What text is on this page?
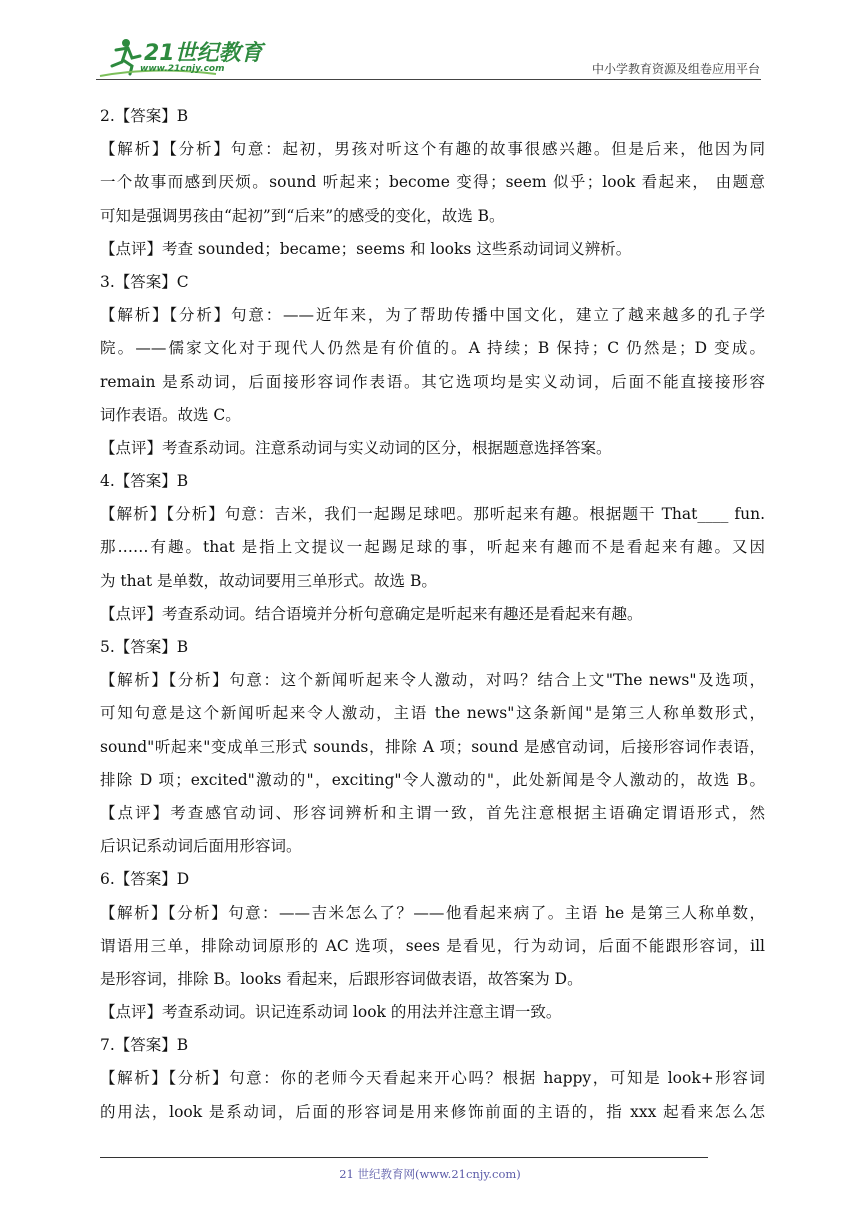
21世纪教育
www.21cnjy.com	中小学教育资源及组卷应用平台
2.【答案】B
【解析】【分析】句意：起初，男孩对听这个有趣的故事很感兴趣。但是后来，他因为同
一个故事而感到厌烦。sound 听起来；become 变得；seem 似乎；look 看起来， 由题意
可知是强调男孩由“起初”到“后来”的感受的变化，故选 B。
【点评】考查 sounded；became；seems 和 looks 这些系动词词义辨析。
3.【答案】C
【解析】【分析】句意：——近年来，为了帮助传播中国文化，建立了越来越多的孔子学
院。——儒家文化对于现代人仍然是有价值的。A 持续；B 保持；C 仍然是；D 变成。
remain 是系动词，后面接形容词作表语。其它选项均是实义动词，后面不能直接接形容
词作表语。故选 C。
【点评】考查系动词。注意系动词与实义动词的区分，根据题意选择答案。
4.【答案】B
【解析】【分析】句意：吉米，我们一起踢足球吧。那听起来有趣。根据题干 That____ fun.
那……有趣。that 是指上文提议一起踢足球的事，听起来有趣而不是看起来有趣。又因
为 that 是单数，故动词要用三单形式。故选 B。
【点评】考查系动词。结合语境并分析句意确定是听起来有趣还是看起来有趣。
5.【答案】B
【解析】【分析】句意：这个新闻听起来令人激动，对吗？结合上文"The news"及选项，
可知句意是这个新闻听起来令人激动，主语 the news"这条新闻"是第三人称单数形式，
sound"听起来"变成单三形式 sounds，排除 A 项；sound 是感官动词，后接形容词作表语，
排除 D 项；excited"激动的"，exciting"令人激动的"，此处新闻是令人激动的，故选 B。
【点评】考查感官动词、形容词辨析和主谓一致，首先注意根据主语确定谓语形式，然
后识记系动词后面用形容词。
6.【答案】D
【解析】【分析】句意：——吉米怎么了？——他看起来病了。主语 he 是第三人称单数，
谓语用三单，排除动词原形的 AC 选项，sees 是看见，行为动词，后面不能跟形容词，ill
是形容词，排除 B。looks 看起来，后跟形容词做表语，故答案为 D。
【点评】考查系动词。识记连系动词 look 的用法并注意主谓一致。
7.【答案】B
【解析】【分析】句意：你的老师今天看起来开心吗？根据 happy，可知是 look+形容词
的用法，look 是系动词，后面的形容词是用来修饰前面的主语的，指 xxx 起看来怎么怎
21 世纪教育网(www.21cnjy.com)
